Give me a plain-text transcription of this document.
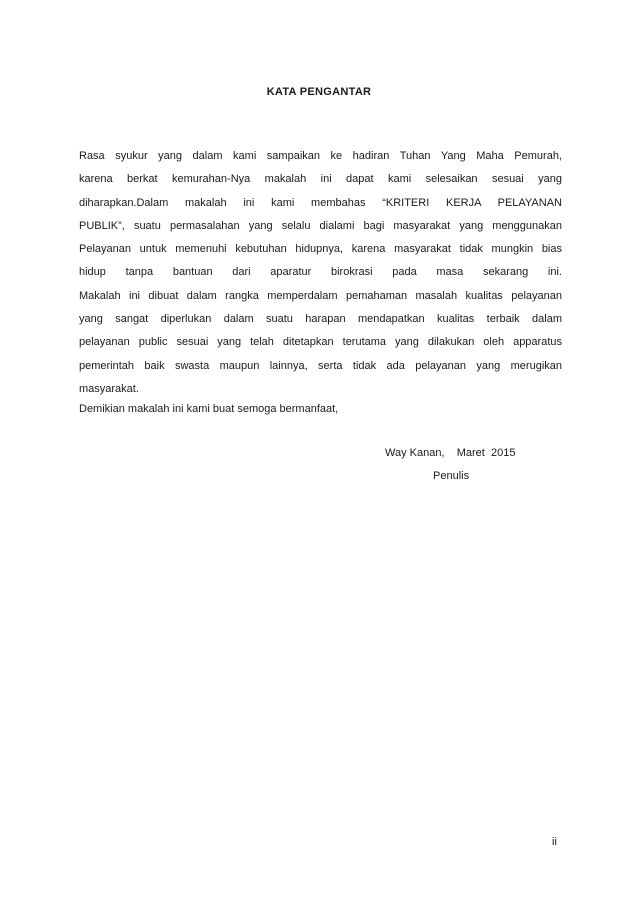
KATA PENGANTAR
Rasa syukur yang dalam kami sampaikan ke hadiran Tuhan Yang Maha Pemurah,
karena berkat kemurahan-Nya makalah ini dapat kami selesaikan sesuai yang
diharapkan.Dalam makalah ini kami membahas “KRITERI KERJA PELAYANAN
PUBLIK”, suatu permasalahan yang selalu dialami bagi masyarakat yang menggunakan
Pelayanan untuk memenuhi kebutuhan hidupnya, karena masyarakat tidak mungkin bias
hidup tanpa bantuan dari aparatur birokrasi pada masa sekarang ini.
Makalah ini dibuat dalam rangka memperdalam pemahaman masalah kualitas pelayanan
yang sangat diperlukan dalam suatu harapan mendapatkan kualitas terbaik dalam
pelayanan public sesuai yang telah ditetapkan terutama yang dilakukan oleh apparatus
pemerintah baik swasta maupun lainnya, serta tidak ada pelayanan yang merugikan
masyarakat.
Demikian makalah ini kami buat semoga bermanfaat,
Way Kanan,    Maret  2015
Penulis
ii
